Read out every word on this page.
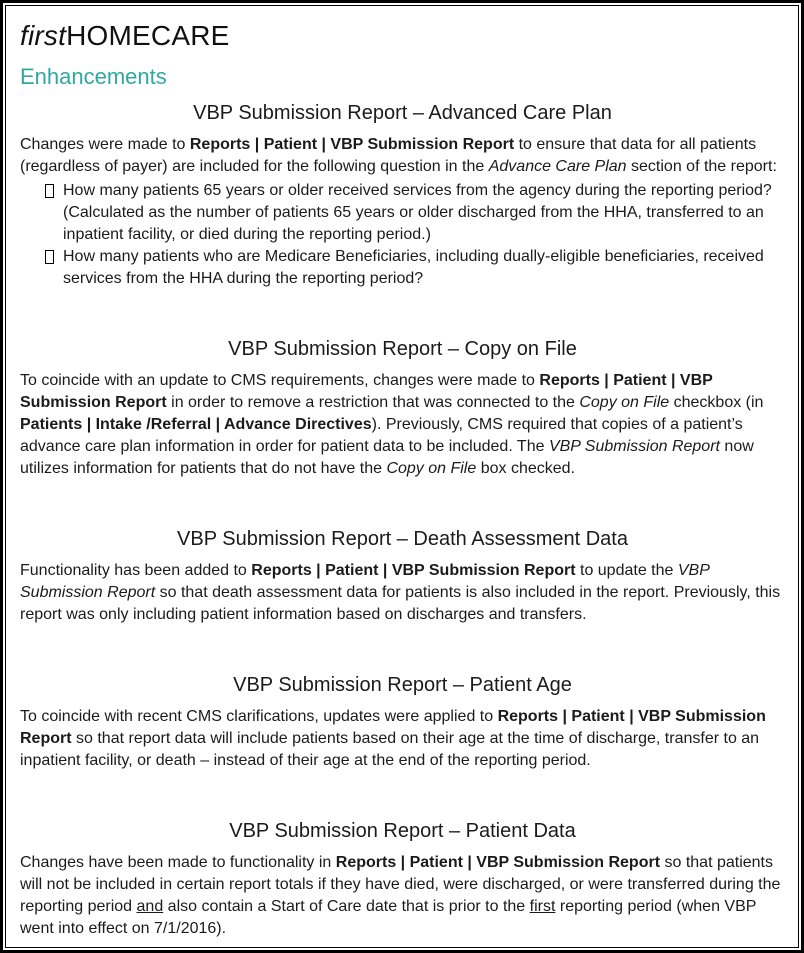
firstHOMECARE
Enhancements
VBP Submission Report – Advanced Care Plan

Changes were made to Reports | Patient | VBP Submission Report to ensure that data for all patients (regardless of payer) are included for the following question in the Advance Care Plan section of the report:

How many patients 65 years or older received services from the agency during the reporting period? (Calculated as the number of patients 65 years or older discharged from the HHA, transferred to an inpatient facility, or died during the reporting period.)
How many patients who are Medicare Beneficiaries, including dually-eligible beneficiaries, received services from the HHA during the reporting period?
VBP Submission Report – Copy on File

To coincide with an update to CMS requirements, changes were made to Reports | Patient | VBP Submission Report in order to remove a restriction that was connected to the Copy on File checkbox (in Patients | Intake /Referral | Advance Directives). Previously, CMS required that copies of a patient’s advance care plan information in order for patient data to be included. The VBP Submission Report now utilizes information for patients that do not have the Copy on File box checked.

VBP Submission Report – Death Assessment Data

Functionality has been added to Reports | Patient | VBP Submission Report to update the VBP Submission Report so that death assessment data for patients is also included in the report. Previously, this report was only including patient information based on discharges and transfers.

VBP Submission Report – Patient Age

To coincide with recent CMS clarifications, updates were applied to Reports | Patient | VBP Submission Report so that report data will include patients based on their age at the time of discharge, transfer to an inpatient facility, or death – instead of their age at the end of the reporting period.

VBP Submission Report – Patient Data

Changes have been made to functionality in Reports | Patient | VBP Submission Report so that patients will not be included in certain report totals if they have died, were discharged, or were transferred during the reporting period and also contain a Start of Care date that is prior to the first reporting period (when VBP went into effect on 7/1/2016).
